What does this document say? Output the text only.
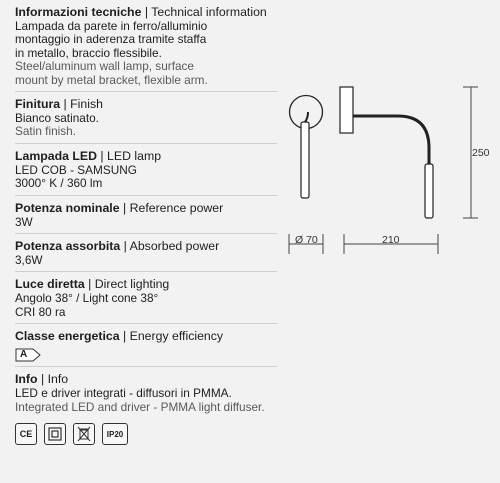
Informazioni tecniche | Technical information
Lampada da parete in ferro/alluminio
montaggio in aderenza tramite staffa
in metallo, braccio flessibile.
Steel/aluminum wall lamp, surface
mount by metal bracket, flexible arm.
Finitura | Finish
Bianco satinato.
Satin finish.
Lampada LED | LED lamp
LED COB - SAMSUNG
3000° K / 360 lm
Potenza nominale | Reference power
3W
Potenza assorbita | Absorbed power
3,6W
Luce diretta | Direct lighting
Angolo 38° / Light cone 38°
CRI 80 ra
Classe energetica | Energy efficiency
A
Info | Info
LED e driver integrati - diffusori in PMMA.
Integrated LED and driver - PMMA light diffuser.
CE	IP20
250
Ø 70	210
